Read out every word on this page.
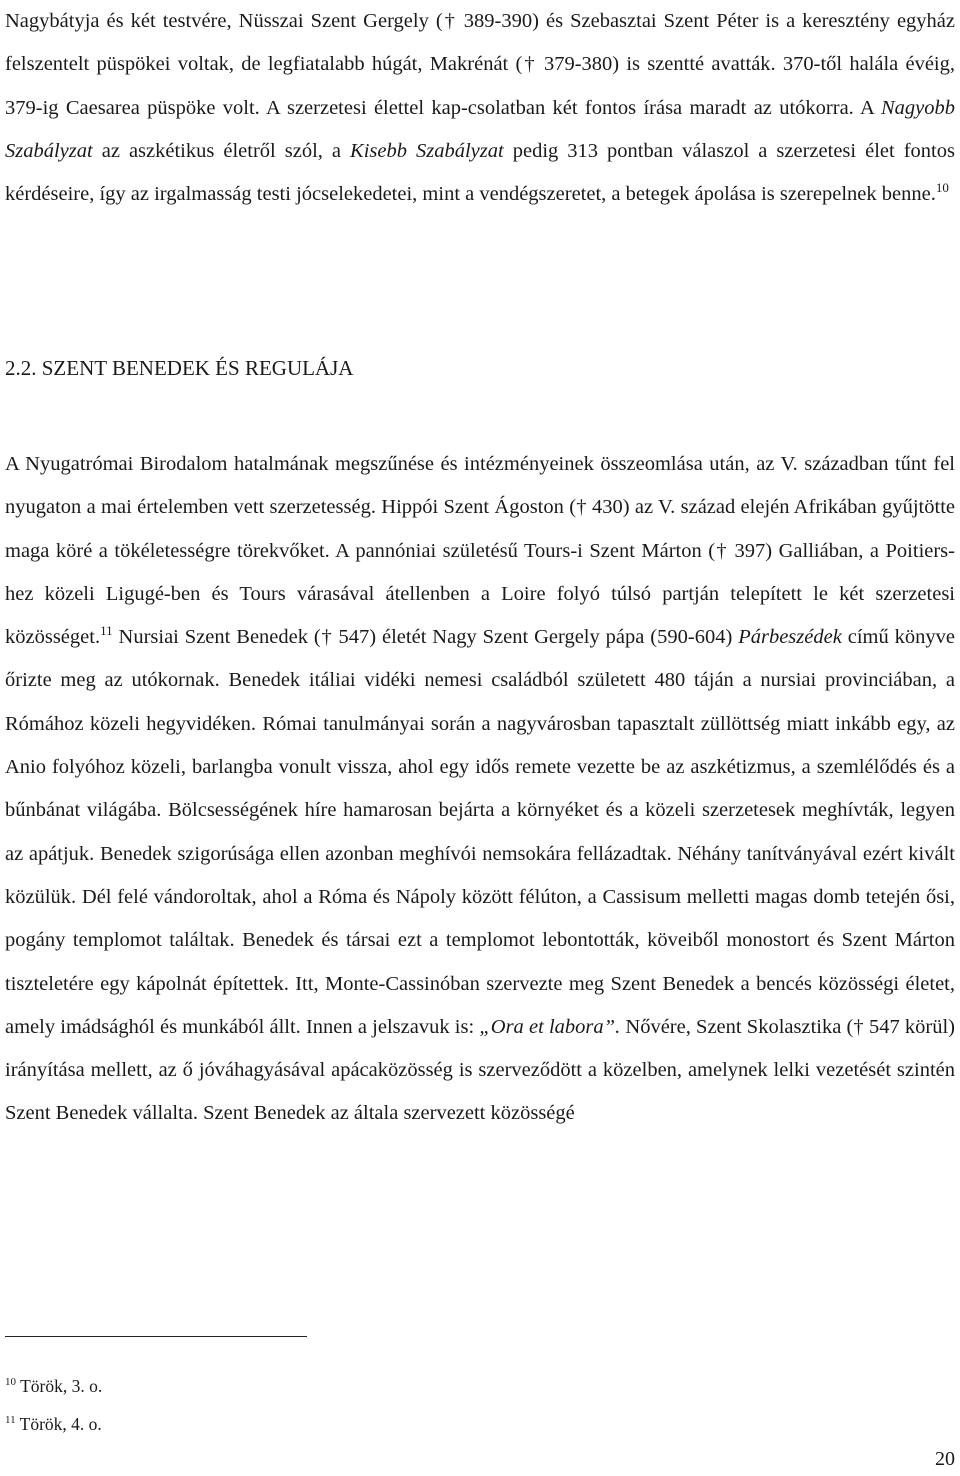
Nagybátyja és két testvére, Nüsszai Szent Gergely († 389-390) és Szebasztai Szent Péter is a keresztény egyház felszentelt püspökei voltak, de legfiatalabb húgát, Makrénát († 379-380) is szentté avatták. 370-től halála évéig, 379-ig Caesarea püspöke volt. A szerzetesi élettel kap-csolatban két fontos írása maradt az utókorra. A Nagyobb Szabályzat az aszkétikus életről szól, a Kisebb Szabályzat pedig 313 pontban válaszol a szerzetesi élet fontos kérdéseire, így az irgalmasság testi jócselekedetei, mint a vendégszeretet, a betegek ápolása is szerepelnek benne.$^{10}$

2.2. SZENT BENEDEK ÉS REGULÁJA

A Nyugatrómai Birodalom hatalmának megszűnése és intézményeinek összeomlása után, az V. században tűnt fel nyugaton a mai értelemben vett szerzetesség. Hippói Szent Ágoston († 430) az V. század elején Afrikában gyűjtötte maga köré a tökéletességre törekvőket. A pannóniai születésű Tours-i Szent Márton († 397) Galliában, a Poitiers-hez közeli Ligugé-ben és Tours várasával átellenben a Loire folyó túlsó partján telepített le két szerzetesi közösséget.$^{11}$ Nursiai Szent Benedek († 547) életét Nagy Szent Gergely pápa (590-604) Párbeszédek című könyve őrizte meg az utókornak. Benedek itáliai vidéki nemesi családból született 480 táján a nursiai provinciában, a Rómához közeli hegyvidéken. Római tanulmányai során a nagyvárosban tapasztalt züllöttség miatt inkább egy, az Anio folyóhoz közeli, barlangba vonult vissza, ahol egy idős remete vezette be az aszkétizmus, a szemlélődés és a bűnbánat világába. Bölcsességének híre hamarosan bejárta a környéket és a közeli szerzetesek meghívták, legyen az apátjuk. Benedek szigorúsága ellen azonban meghívói nemsokára fellázadtak. Néhány tanítványával ezért kivált közülük. Dél felé vándoroltak, ahol a Róma és Nápoly között félúton, a Cassisum melletti magas domb tetején ősi, pogány templomot találtak. Benedek és társai ezt a templomot lebontották, köveiből monostort és Szent Márton tiszteletére egy kápolnát építettek. Itt, Monte-Cassinóban szervezte meg Szent Benedek a bencés közösségi életet, amely imádsághól és munkából állt. Innen a jelszavuk is: „Ora et labora”. Nővére, Szent Skolasztika († 547 körül) irányítása mellett, az ő jóváhagyásával apácaközösség is szerveződött a közelben, amelynek lelki vezetését szintén Szent Benedek vállalta. Szent Benedek az általa szervezett közösségé

$^{10}$ Török, 3. o.

$^{11}$ Török, 4. o.

20
